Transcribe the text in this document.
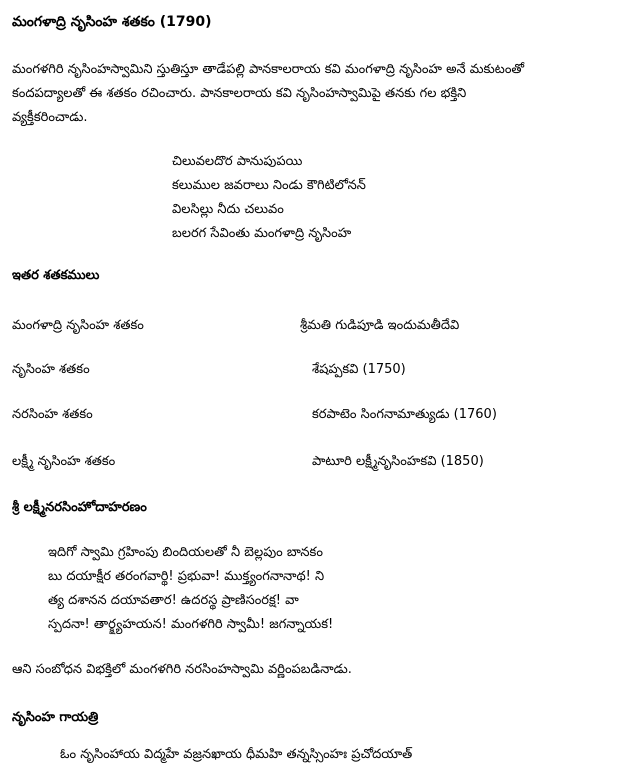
మంగళాద్రి నృసింహ శతకం (1790)
మంగళగిరి నృసింహస్వామిని స్తుతిస్తూ తాడేపల్లి పానకాలరాయ కవి మంగళాద్రి నృసింహ అనే మకుటంతో
కందపద్యాలతో ఈ శతకం రచించారు. పానకాలరాయ కవి నృసింహస్వామిపై తనకు గల భక్తిని
వ్యక్తీకరించాడు.
చిలువలదొర పానుపుపయి
కలుముల జవరాలు నిండు కౌగిటిలోనన్
విలసిల్లు నీదు చలువం
బలరగ సేవింతు మంగళాద్రి నృసింహ
ఇతర శతకములు
మంగళాద్రి నృసింహ శతకం	శ్రీమతి గుడిపూడి ఇందుమతీదేవి
నృసింహ శతకం	శేషప్పకవి (1750)
నరసింహ శతకం	కరపాటెం సింగనామాత్యుడు (1760)
లక్ష్మీ నృసింహ శతకం	పాటూరి లక్ష్మీనృసింహకవి (1850)
శ్రీ లక్ష్మీనరసింహోదాహరణం
ఇదిగో స్వామి గ్రహింపు బిందియలతో నీ బెల్లపుం బానకం
బు దయాక్షీర తరంగవార్థి! ప్రభువా! ముక్త్యంగనానాథ! ని
త్య దశానన దయావతార! ఉదరస్థ ప్రాణిసంరక్ష! వా
స్పదనా! తార్క్ష్యహయన! మంగళగిరి స్వామీ! జగన్నాయక!
ఆని సంబోధన విభక్తిలో మంగళగిరి నరసింహస్వామి వర్ణింపబడినాడు.
నృసింహ గాయత్రి
ఓం నృసింహాయ విద్మహే వజ్రనఖాయ ధీమహి తన్నస్సింహః ప్రచోదయాత్
